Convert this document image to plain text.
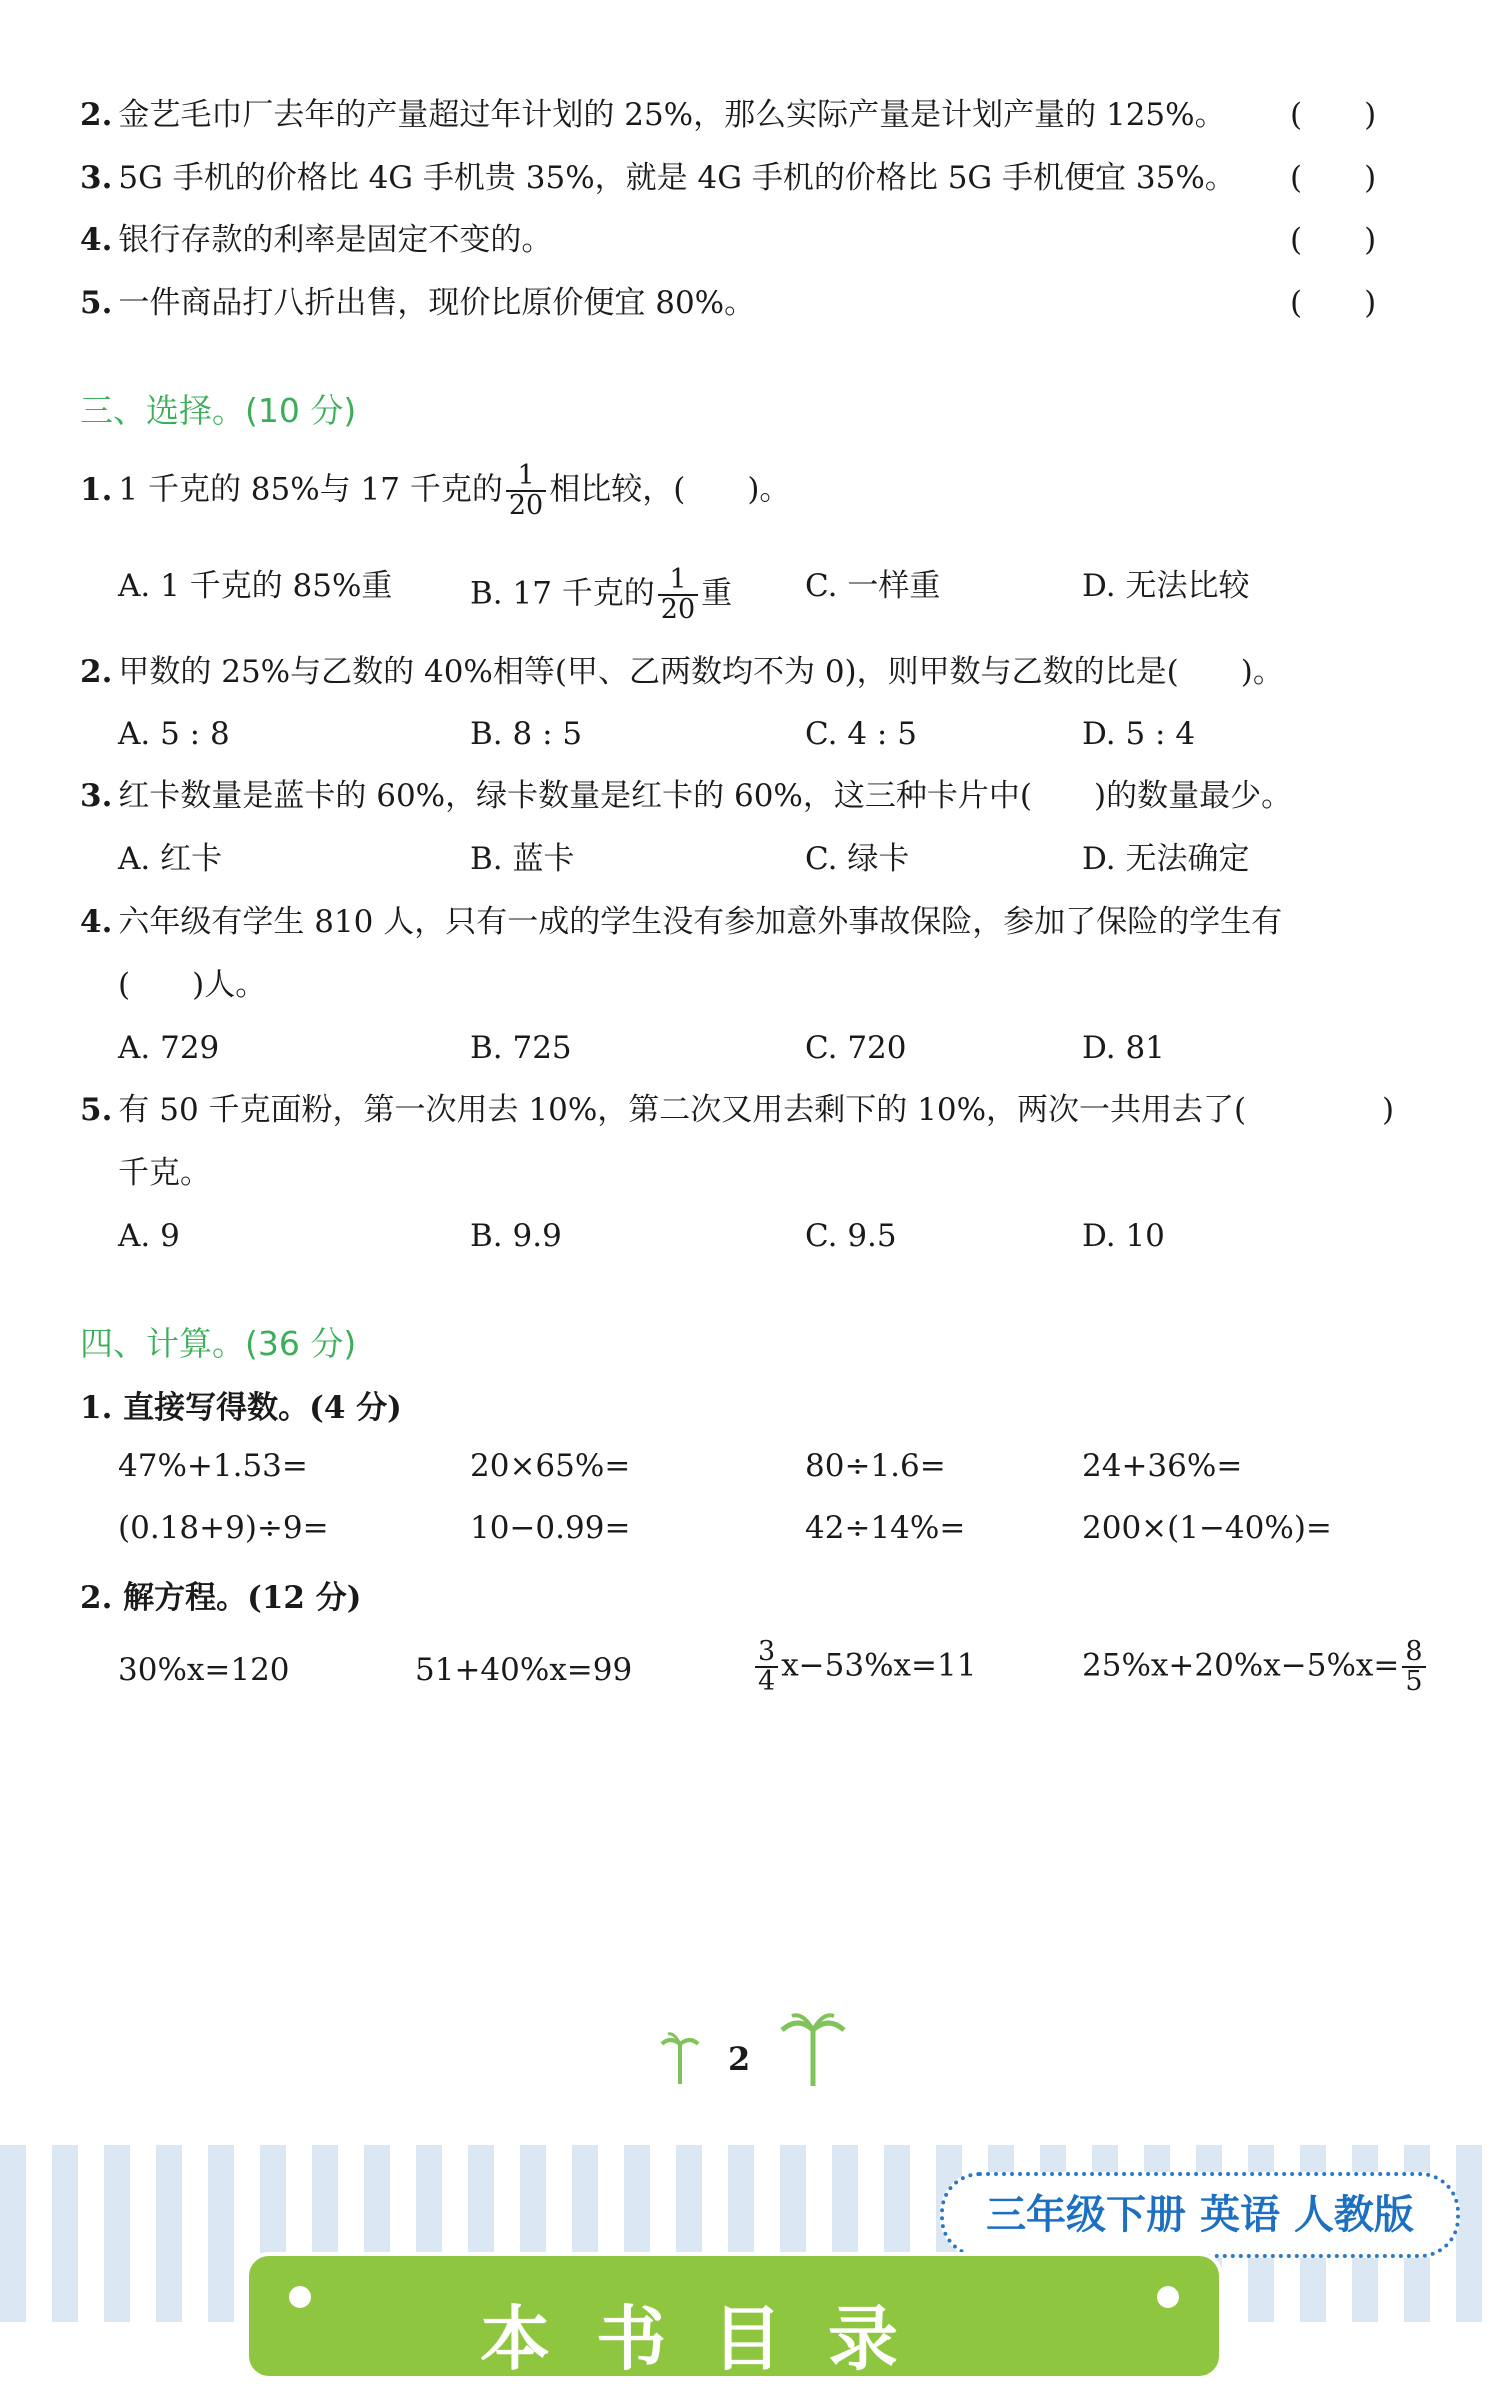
2. 金艺毛巾厂去年的产量超过年计划的 25%，那么实际产量是计划产量的 125%。 (　　)
3. 5G 手机的价格比 4G 手机贵 35%，就是 4G 手机的价格比 5G 手机便宜 35%。 (　　)
4. 银行存款的利率是固定不变的。	(　　)
5. 一件商品打八折出售，现价比原价便宜 80%。	(　　)
三、选择。(10 分)
1. 1 千克的 85%与 17 千克的 $\frac{1}{20}$ 相比较，(　　)。
A. 1 千克的 85%重	B. 17 千克的 $\frac{1}{20}$ 重 C. 一样重	D. 无法比较
2. 甲数的 25%与乙数的 40%相等(甲、乙两数均不为 0)，则甲数与乙数的比是(　　)。
A. 5 : 8	B. 8 : 5	C. 4 : 5	D. 5 : 4
3. 红卡数量是蓝卡的 60%，绿卡数量是红卡的 60%，这三种卡片中(　　)的数量最少。
A. 红卡	B. 蓝卡	C. 绿卡	D. 无法确定
4. 六年级有学生 810 人，只有一成的学生没有参加意外事故保险，参加了保险的学生有
(　　)人。
A. 729	B. 725	C. 720	D. 81
5. 有 50 千克面粉，第一次用去 10%，第二次又用去剩下的 10%，两次一共用去了(	)
千克。
A. 9	B. 9.9	C. 9.5	D. 10
四、计算。(36 分)
1. 直接写得数。(4 分)
47%+1.53=	20×65%=	80÷1.6=	24+36%=
(0.18+9)÷9=	10−0.99=	42÷14%=	200×(1−40%)=
2. 解方程。(12 分)
30%x=120	51+40%x=99	$\frac{3}{4} x-53\%x=11$	$25\%x+20\%x-5\%x= \frac{8}{5}$
2
三年级下册 英语 人教版
本书目录
